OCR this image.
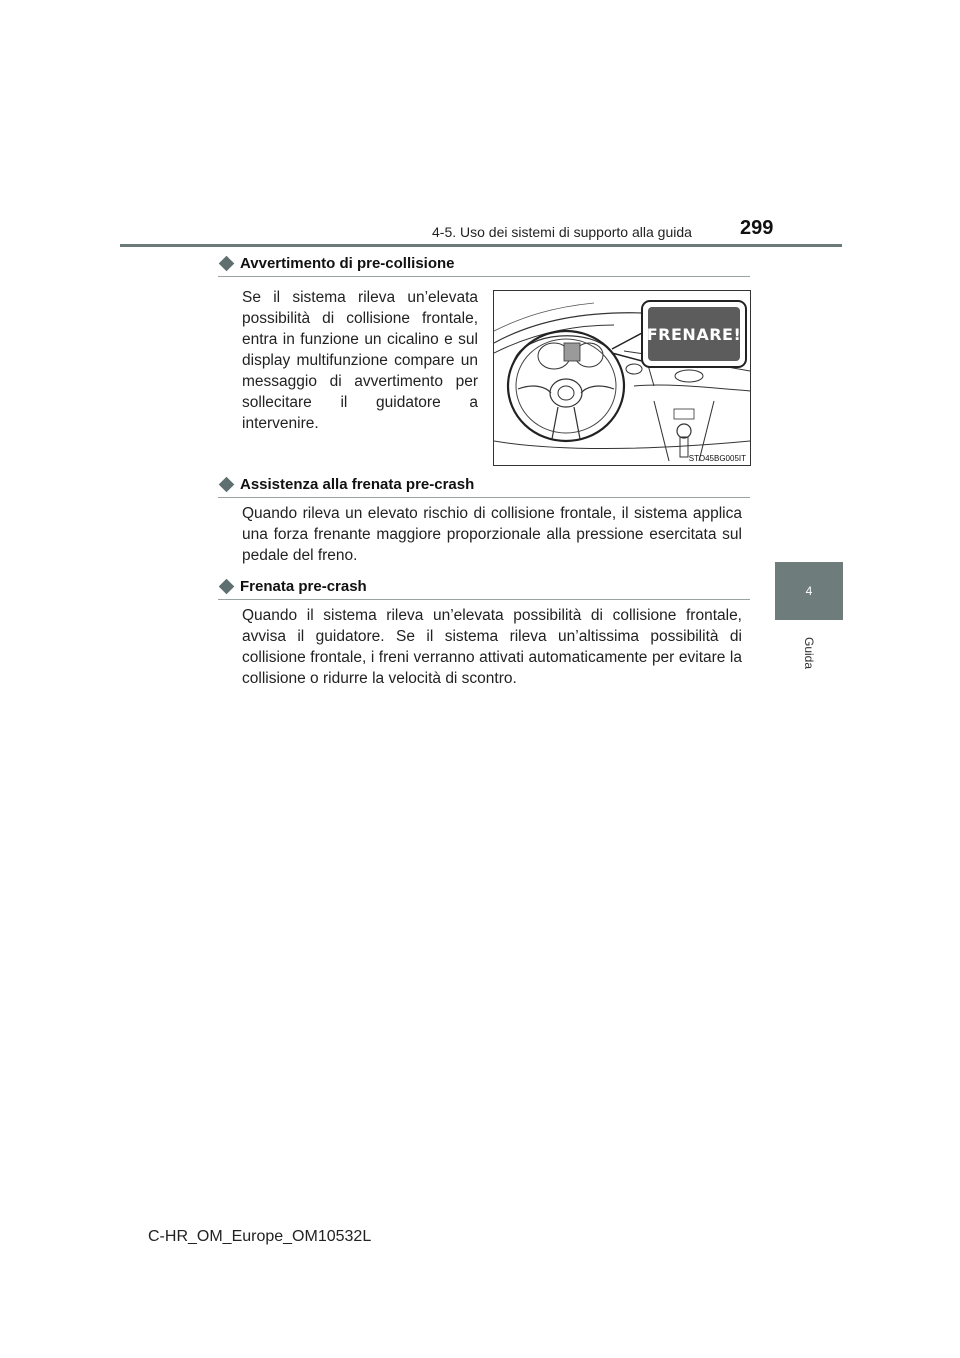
4-5. Uso dei sistemi di supporto alla guida 299
4
Guida
Avvertimento di pre-collisione
Se il sistema rileva un’elevata possibilità di collisione frontale, entra in funzione un cicalino e sul display multifunzione compare un messaggio di avvertimento per sollecitare il guidatore a intervenire.
FRENARE!
STO45BG005IT
Assistenza alla frenata pre-crash
Quando rileva un elevato rischio di collisione frontale, il sistema applica una forza frenante maggiore proporzionale alla pressione esercitata sul pedale del freno.
Frenata pre-crash
Quando il sistema rileva un’elevata possibilità di collisione frontale, avvisa il guidatore. Se il sistema rileva un’altissima possibilità di collisione frontale, i freni verranno attivati automaticamente per evitare la collisione o ridurre la velocità di scontro.
C-HR_OM_Europe_OM10532L
